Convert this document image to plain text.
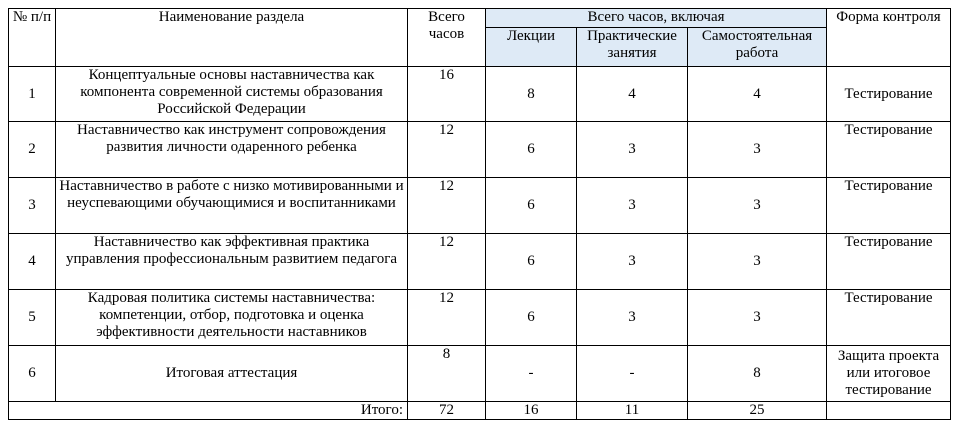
№ п/п	Наименование раздела	Всего часов	Всего часов, включая			Форма контроля
			Лекции	Практические занятия	Самостоятельная работа	
1	Концептуальные основы наставничества как компонента современной системы образования Российской Федерации	16	8	4	4	Тестирование
2	Наставничество как инструмент сопровождения развития личности одаренного ребенка	12	6	3	3	Тестирование
3	Наставничество в работе с низко мотивированными и неуспевающими обучающимися и воспитанниками	12	6	3	3	Тестирование
4	Наставничество как эффективная практика управления профессиональным развитием педагога	12	6	3	3	Тестирование
5	Кадровая политика системы наставничества: компетенции, отбор, подготовка и оценка эффективности деятельности наставников	12	6	3	3	Тестирование
6	Итоговая аттестация	8	-	-	8	Защита проекта или итоговое тестирование
Итого:		72	16	11	25	
